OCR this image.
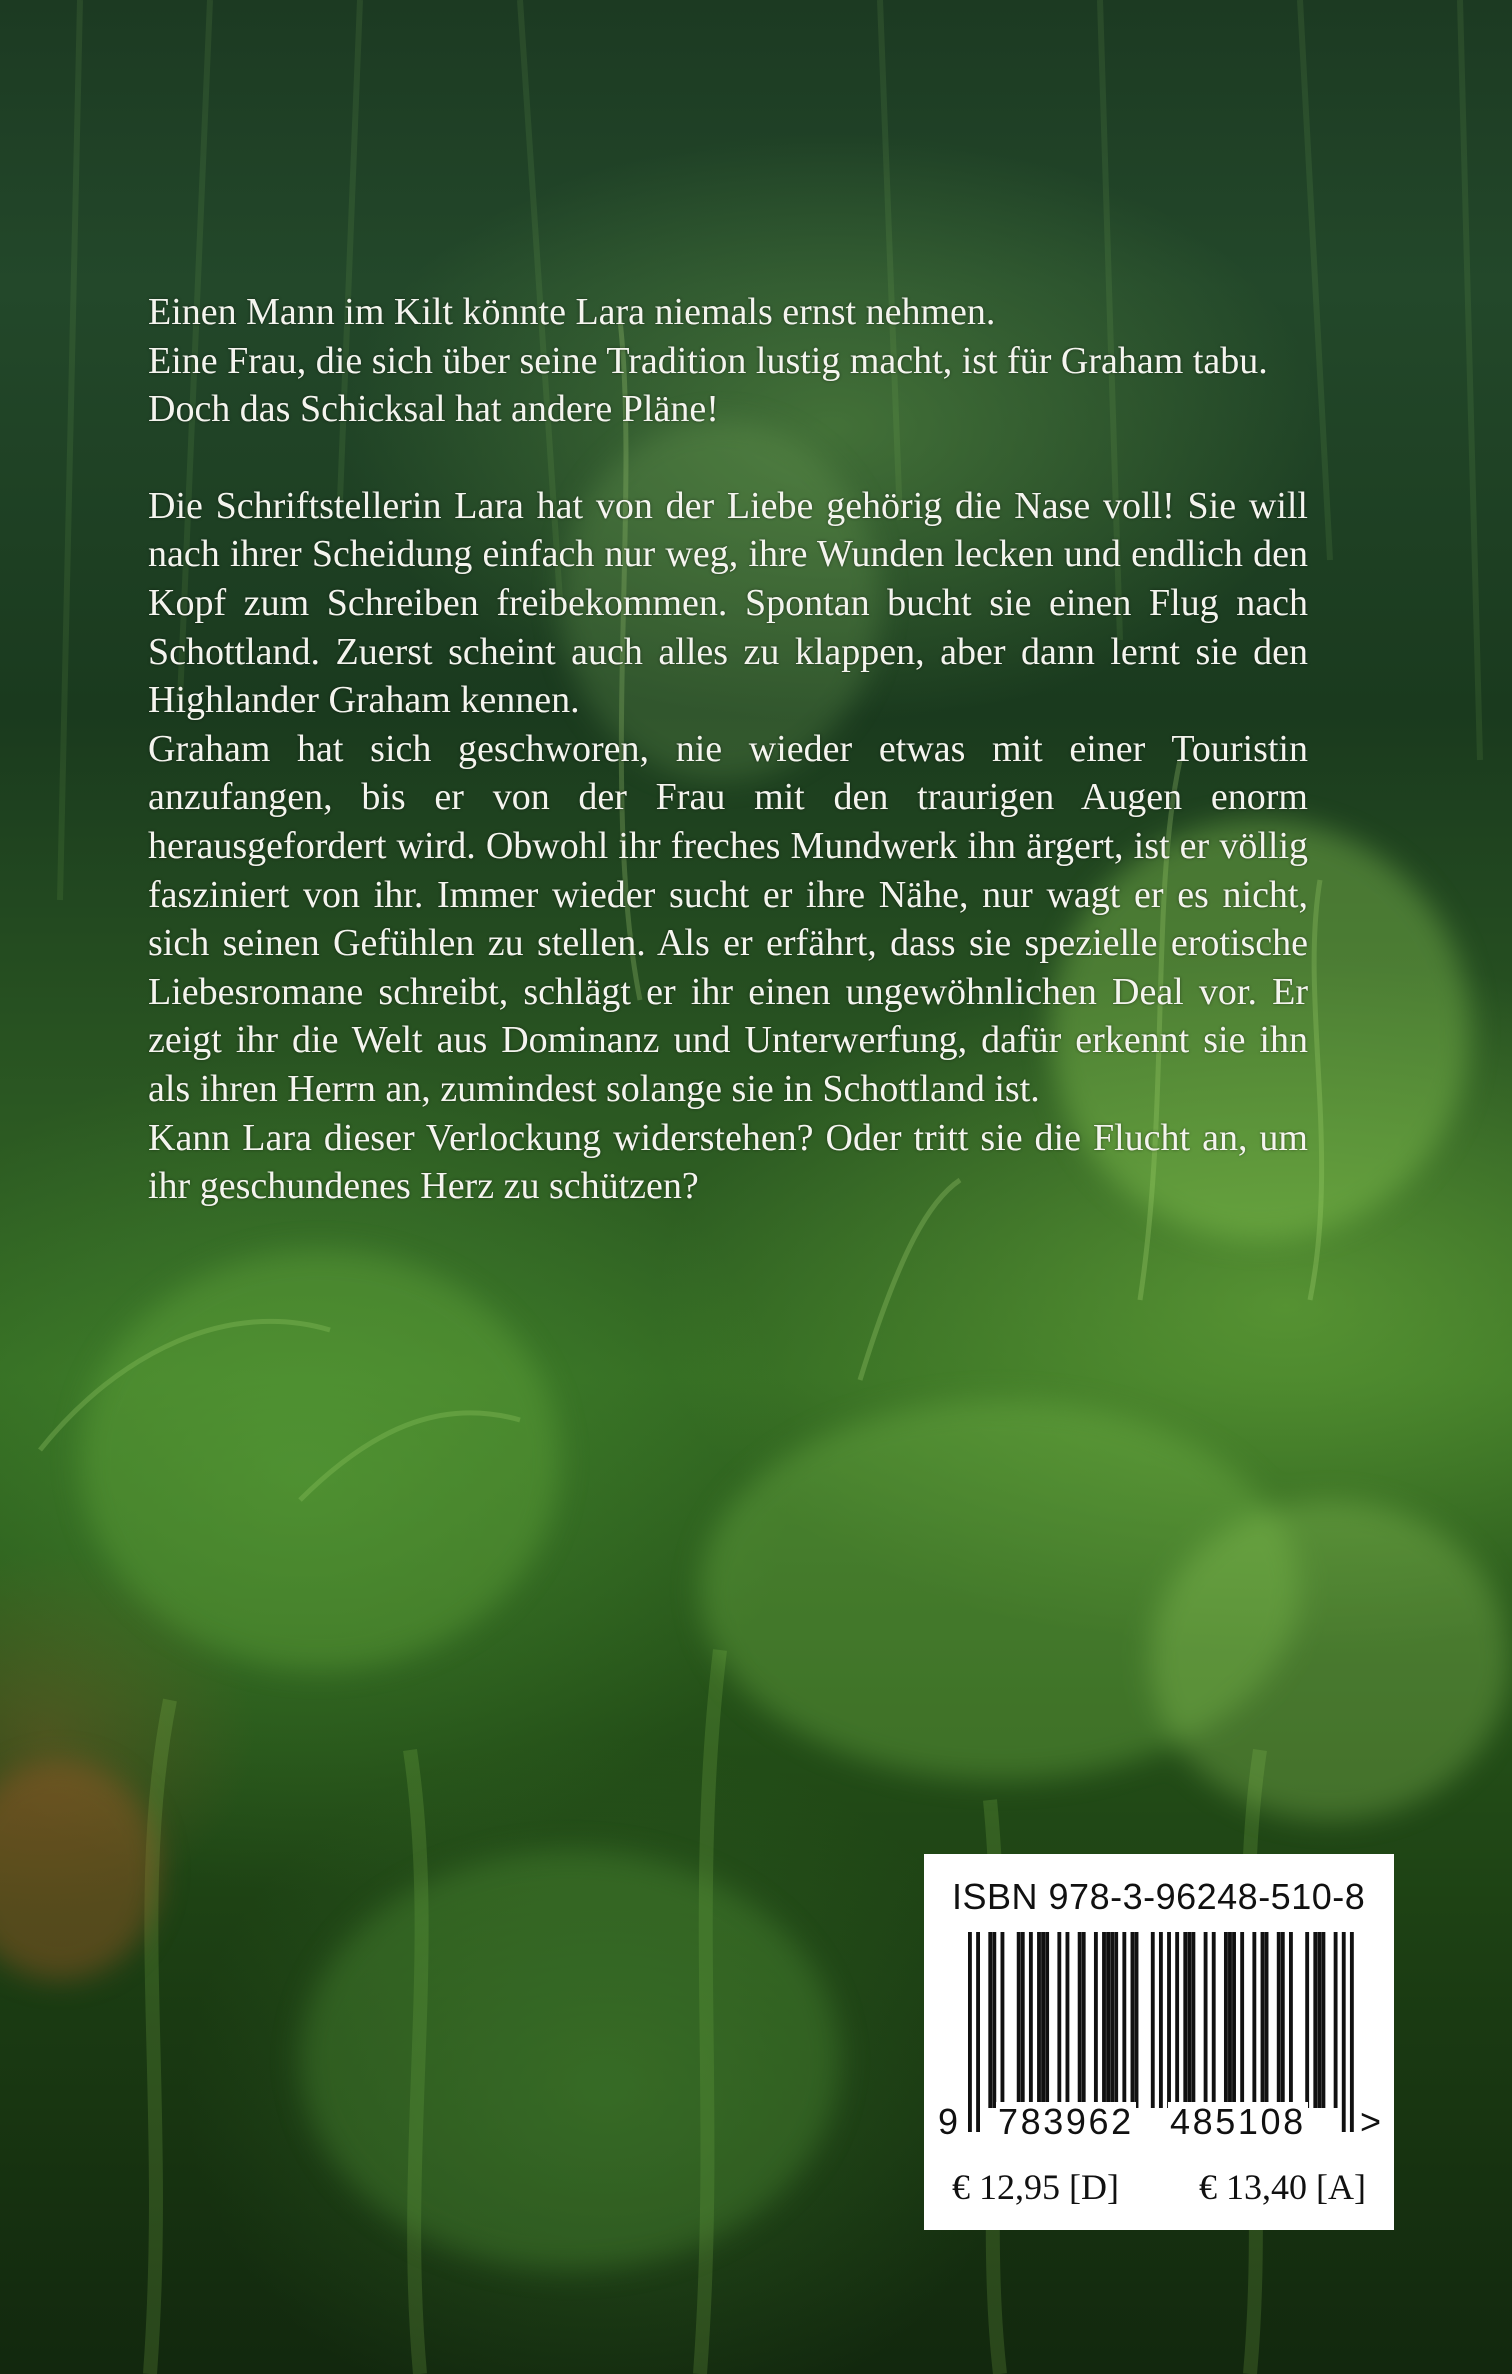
Einen Mann im Kilt könnte Lara niemals ernst nehmen.

Eine Frau, die sich über seine Tradition lustig macht, ist für Graham tabu.

Doch das Schicksal hat andere Pläne!

Die Schriftstellerin Lara hat von der Liebe gehörig die Nase voll! Sie will nach ihrer Scheidung einfach nur weg, ihre Wunden lecken und endlich den Kopf zum Schreiben freibekommen. Spontan bucht sie einen Flug nach Schottland. Zuerst scheint auch alles zu klappen, aber dann lernt sie den Highlander Graham kennen.

Graham hat sich geschworen, nie wieder etwas mit einer Touristin anzufangen, bis er von der Frau mit den traurigen Augen enorm herausgefordert wird. Obwohl ihr freches Mundwerk ihn ärgert, ist er völlig fasziniert von ihr. Immer wieder sucht er ihre Nähe, nur wagt er es nicht, sich seinen Gefühlen zu stellen. Als er erfährt, dass sie spezielle erotische Liebesromane schreibt, schlägt er ihr einen ungewöhnlichen Deal vor. Er zeigt ihr die Welt aus Dominanz und Unterwerfung, dafür erkennt sie ihn als ihren Herrn an, zumindest solange sie in Schottland ist.

Kann Lara dieser Verlockung widerstehen? Oder tritt sie die Flucht an, um ihr geschundenes Herz zu schützen?

ISBN 978-3-96248-510-8
9 783962 485108 >
€ 12,95 [D] € 13,40 [A]
